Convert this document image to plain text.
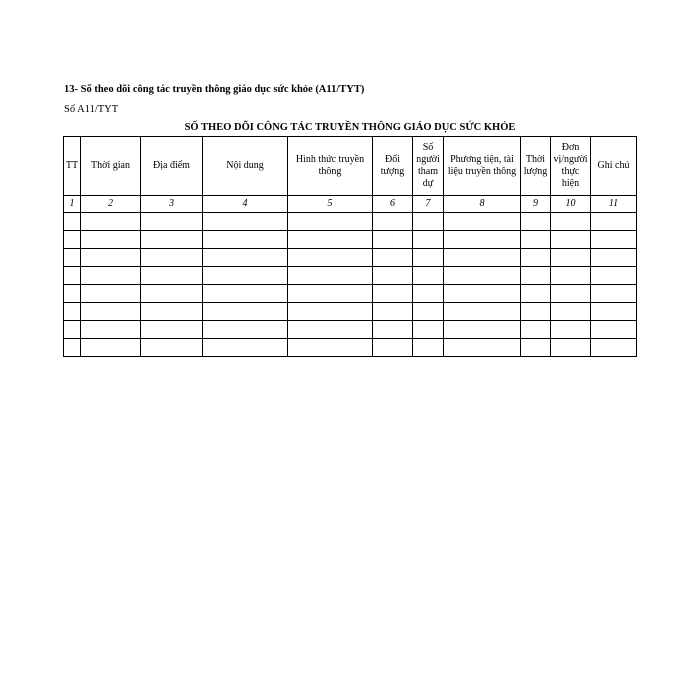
13- Sổ theo dõi công tác truyền thông giáo dục sức khỏe (A11/TYT)
Số A11/TYT
SỐ THEO DÕI CÔNG TÁC TRUYỀN THÔNG GIÁO DỤC SỨC KHỎE
TT	Thời gian	Địa điểm	Nội dung	Hình thức truyền thông	Đối tượng	Số người tham dự	Phương tiện, tài liệu truyền thông	Thời lượng	Đơn vị/người thực hiện	Ghi chú
1	2	3	4	5	6	7	8	9	10	11
